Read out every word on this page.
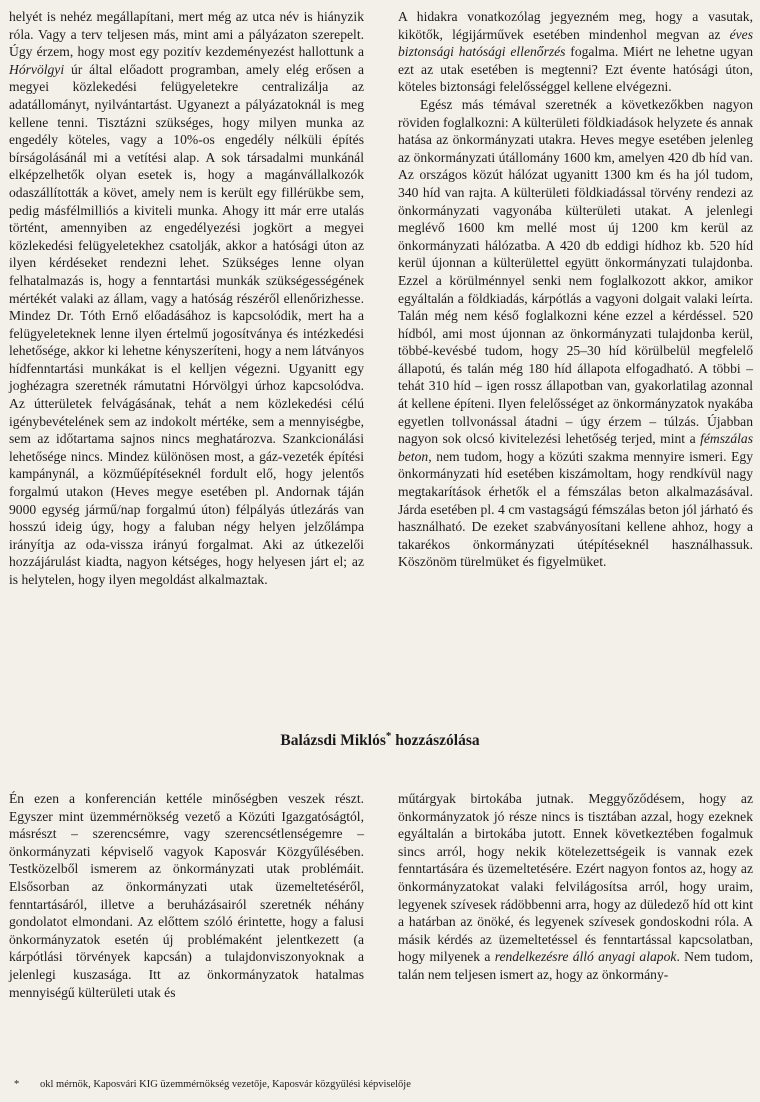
helyét is nehéz megállapítani, mert még az utca név is hiányzik róla. Vagy a terv teljesen más, mint ami a pályázaton szerepelt. Úgy érzem, hogy most egy pozitív kezdeményezést hallottunk a Hórvölgyi úr által előadott programban, amely elég erősen a megyei közlekedési felügyeletekre centralizálja az adatállományt, nyilvántartást. Ugyanezt a pályázatoknál is meg kellene tenni. Tisztázni szükséges, hogy milyen munka az engedély köteles, vagy a 10%-os engedély nélküli építés bírságolásánál mi a vetítési alap. A sok társadalmi munkánál elképzelhetők olyan esetek is, hogy a magánvállalkozók odaszállították a követ, amely nem is került egy fillérükbe sem, pedig másfélmilliós a kiviteli munka. Ahogy itt már erre utalás történt, amennyiben az engedélyezési jogkört a megyei közlekedési felügyeletekhez csatolják, akkor a hatósági úton az ilyen kérdéseket rendezni lehet. Szükséges lenne olyan felhatalmazás is, hogy a fenntartási munkák szükségességének mértékét valaki az állam, vagy a hatóság részéről ellenőrizhesse. Mindez Dr. Tóth Ernő előadásához is kapcsolódik, mert ha a felügyeleteknek lenne ilyen értelmű jogosítványa és intézkedési lehetősége, akkor ki lehetne kényszeríteni, hogy a nem látványos hídfenntartási munkákat is el kelljen végezni. Ugyanitt egy joghézagra szeretnék rámutatni Hórvölgyi úrhoz kapcsolódva. Az útterületek felvágásának, tehát a nem közlekedési célú igénybevételének sem az indokolt mértéke, sem a mennyiségbe, sem az időtartama sajnos nincs meghatározva. Szankcionálási lehetősége nincs. Mindez különösen most, a gáz-vezeték építési kampánynál, a közműépítéseknél fordult elő, hogy jelentős forgalmú utakon (Heves megye esetében pl. Andornak táján 9000 egység jármű/nap forgalmú úton) félpályás útlezárás van hosszú ideig úgy, hogy a faluban négy helyen jelzőlámpa irányítja az oda-vissza irányú forgalmat. Aki az útkezelői hozzájárulást kiadta, nagyon kétséges, hogy helyesen járt el; az is helytelen, hogy ilyen megoldást alkalmaztak.

A hidakra vonatkozólag jegyezném meg, hogy a vasutak, kikötők, légijárművek esetében mindenhol megvan az éves biztonsági hatósági ellenőrzés fogalma. Miért ne lehetne ugyan ezt az utak esetében is megtenni? Ezt évente hatósági úton, köteles biztonsági felelősséggel kellene elvégezni.

Egész más témával szeretnék a következőkben nagyon röviden foglalkozni: A külterületi földkiadások helyzete és annak hatása az önkormányzati utakra. Heves megye esetében jelenleg az önkormányzati útállomány 1600 km, amelyen 420 db híd van. Az országos közút hálózat ugyanitt 1300 km és ha jól tudom, 340 híd van rajta. A külterületi földkiadással törvény rendezi az önkormányzati vagyonába külterületi utakat. A jelenlegi meglévő 1600 km mellé most új 1200 km kerül az önkormányzati hálózatba. A 420 db eddigi hídhoz kb. 520 híd kerül újonnan a külterülettel együtt önkormányzati tulajdonba. Ezzel a körülménnyel senki nem foglalkozott akkor, amikor egyáltalán a földkiadás, kárpótlás a vagyoni dolgait valaki leírta. Talán még nem késő foglalkozni kéne ezzel a kérdéssel. 520 hídból, ami most újonnan az önkormányzati tulajdonba kerül, többé-kevésbé tudom, hogy 25–30 híd körülbelül megfelelő állapotú, és talán még 180 híd állapota elfogadható. A többi – tehát 310 híd – igen rossz állapotban van, gyakorlatilag azonnal át kellene építeni. Ilyen felelősséget az önkormányzatok nyakába egyetlen tollvonással átadni – úgy érzem – túlzás. Újabban nagyon sok olcsó kivitelezési lehetőség terjed, mint a fémszálas beton, nem tudom, hogy a közúti szakma mennyire ismeri. Egy önkormányzati híd esetében kiszámoltam, hogy rendkívül nagy megtakarítások érhetők el a fémszálas beton alkalmazásával. Járda esetében pl. 4 cm vastagságú fémszálas beton jól járható és használható. De ezeket szabványosítani kellene ahhoz, hogy a takarékos önkormányzati útépítéseknél használhassuk. Köszönöm türelmüket és figyelmüket.

Balázsdi Miklós* hozzászólása

Én ezen a konferencián kettéle minőségben veszek részt. Egyszer mint üzemmérnökség vezető a Közúti Igazgatóságtól, másrészt – szerencsémre, vagy szerencsétlenségemre – önkormányzati képviselő vagyok Kaposvár Közgyűlésében. Testközelből ismerem az önkormányzati utak problémáit. Elsősorban az önkormányzati utak üzemeltetéséről, fenntartásáról, illetve a beruházásairól szeretnék néhány gondolatot elmondani. Az előttem szóló érintette, hogy a falusi önkormányzatok esetén új problémaként jelentkezett (a kárpótlási törvények kapcsán) a tulajdonviszonyoknak a jelenlegi kuszasága. Itt az önkormányzatok hatalmas mennyiségű külterületi utak és

műtárgyak birtokába jutnak. Meggyőződésem, hogy az önkormányzatok jó része nincs is tisztában azzal, hogy ezeknek egyáltalán a birtokába jutott. Ennek következtében fogalmuk sincs arról, hogy nekik kötelezettségeik is vannak ezek fenntartására és üzemeltetésére. Ezért nagyon fontos az, hogy az önkormányzatokat valaki felvilágosítsa arról, hogy uraim, legyenek szívesek rádöbbenni arra, hogy az düledező híd ott kint a határban az önöké, és legyenek szívesek gondoskodni róla. A másik kérdés az üzemeltetéssel és fenntartással kapcsolatban, hogy milyenek a rendelkezésre álló anyagi alapok. Nem tudom, talán nem teljesen ismert az, hogy az önkormány-

* okl mérnök, Kaposvári KIG üzemmérnökség vezetője, Kaposvár közgyűlési képviselője
